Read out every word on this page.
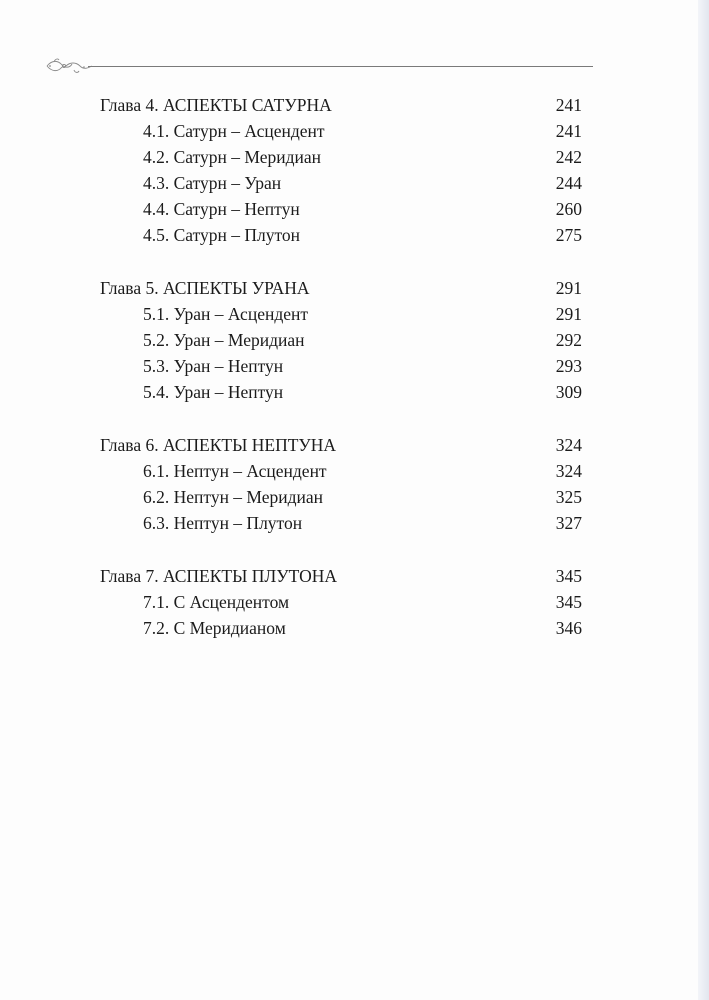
Глава 4. АСПЕКТЫ САТУРНА	241
4.1. Сатурн – Асцендент	241
4.2. Сатурн – Меридиан	242
4.3. Сатурн – Уран	244
4.4. Сатурн – Нептун	260
4.5. Сатурн – Плутон	275
Глава 5. АСПЕКТЫ УРАНА	291
5.1. Уран – Асцендент	291
5.2. Уран – Меридиан	292
5.3. Уран – Нептун	293
5.4. Уран – Нептун	309
Глава 6. АСПЕКТЫ НЕПТУНА	324
6.1. Нептун – Асцендент	324
6.2. Нептун – Меридиан	325
6.3. Нептун – Плутон	327
Глава 7. АСПЕКТЫ ПЛУТОНА	345
7.1. С Асцендентом	345
7.2. С Меридианом	346
